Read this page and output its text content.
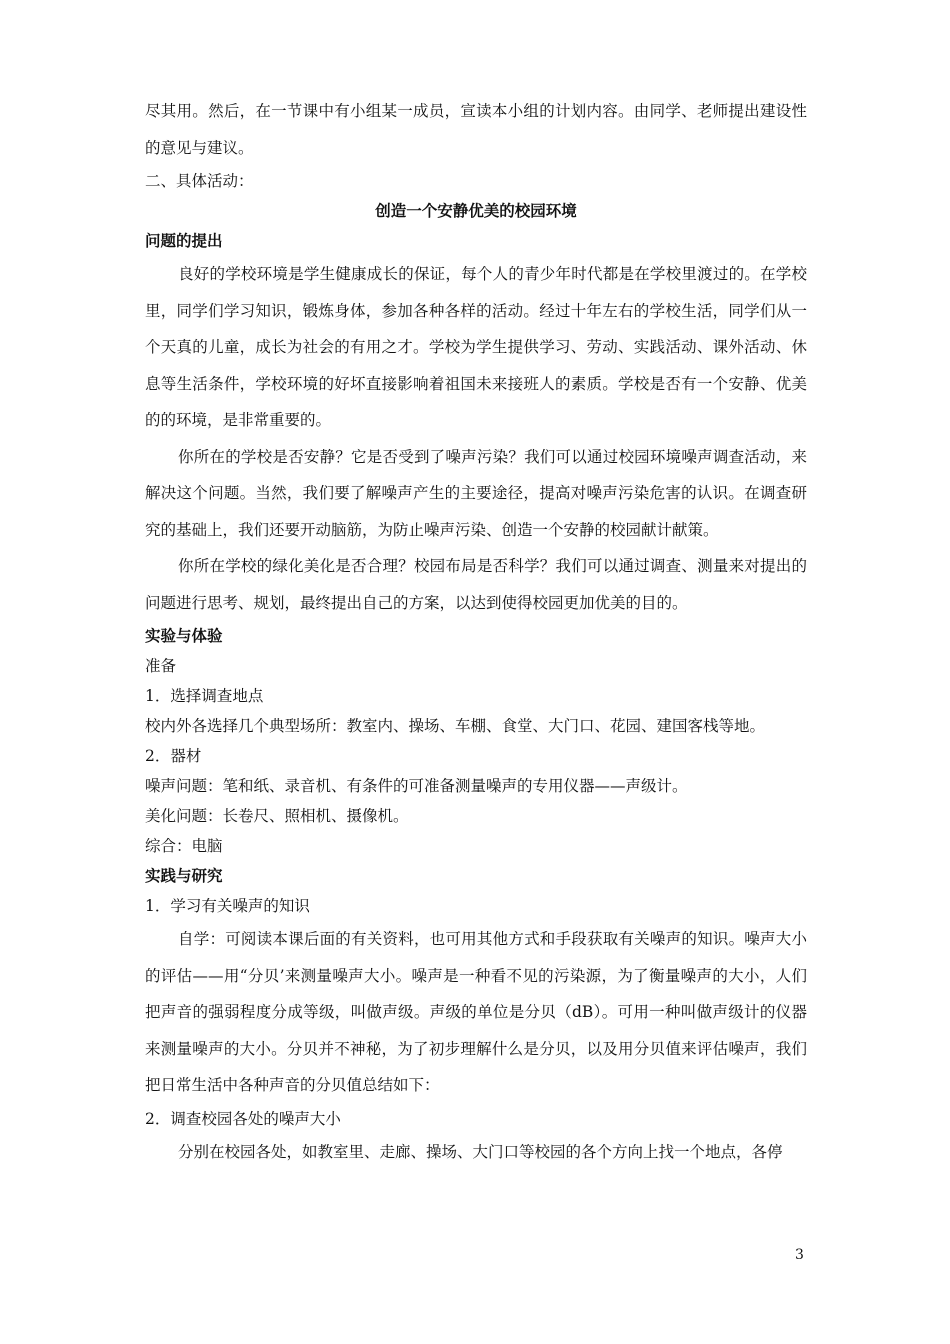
尽其用。然后，在一节课中有小组某一成员，宣读本小组的计划内容。由同学、老师提出建设性的意见与建议。

二、具体活动：

创造一个安静优美的校园环境

问题的提出

良好的学校环境是学生健康成长的保证，每个人的青少年时代都是在学校里渡过的。在学校里，同学们学习知识，锻炼身体，参加各种各样的活动。经过十年左右的学校生活，同学们从一个天真的儿童，成长为社会的有用之才。学校为学生提供学习、劳动、实践活动、课外活动、休息等生活条件，学校环境的好坏直接影响着祖国未来接班人的素质。学校是否有一个安静、优美的的环境，是非常重要的。

你所在的学校是否安静？它是否受到了噪声污染？我们可以通过校园环境噪声调查活动，来解决这个问题。当然，我们要了解噪声产生的主要途径，提高对噪声污染危害的认识。在调查研究的基础上，我们还要开动脑筋，为防止噪声污染、创造一个安静的校园献计献策。

你所在学校的绿化美化是否合理？校园布局是否科学？我们可以通过调查、测量来对提出的问题进行思考、规划，最终提出自己的方案，以达到使得校园更加优美的目的。

实验与体验

准备

1．选择调查地点

校内外各选择几个典型场所：教室内、操场、车棚、食堂、大门口、花园、建国客栈等地。

2．器材

噪声问题：笔和纸、录音机、有条件的可准备测量噪声的专用仪器——声级计。

美化问题：长卷尺、照相机、摄像机。

综合：电脑

实践与研究

1．学习有关噪声的知识

自学：可阅读本课后面的有关资料，也可用其他方式和手段获取有关噪声的知识。噪声大小的评估——用“分贝’来测量噪声大小。噪声是一种看不见的污染源，为了衡量噪声的大小，人们把声音的强弱程度分成等级，叫做声级。声级的单位是分贝（dB）。可用一种叫做声级计的仪器来测量噪声的大小。分贝并不神秘，为了初步理解什么是分贝，以及用分贝值来评估噪声，我们把日常生活中各种声音的分贝值总结如下：

2．调查校园各处的噪声大小

分别在校园各处，如教室里、走廊、操场、大门口等校园的各个方向上找一个地点，各停

3
